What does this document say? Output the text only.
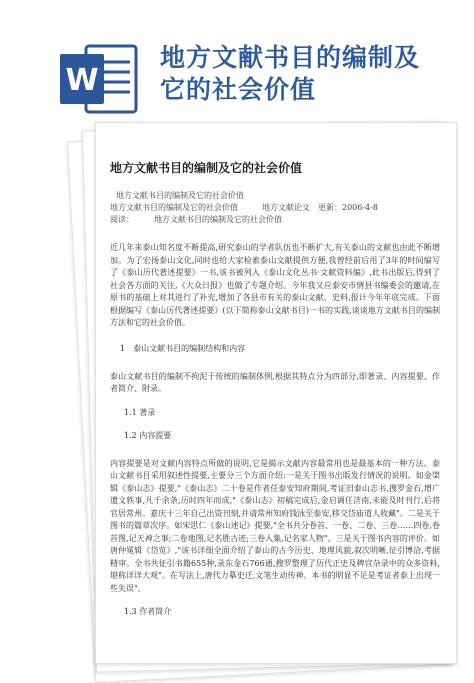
W
地方文献书目的编制及
它的社会价值
地方文献书目的编制及它的社会价值
地方文献书目的编制及它的社会价值
地方文献书目的编制及它的社会价值　　　地方文献论文　更新：2006-4-8
阅读：　　　地方文献书目的编制及它的社会价值

近几年来泰山知名度不断提高,研究泰山的学者队伍也不断扩大,有关泰山的文献也由此不断增加。为了宏扬泰山文化,同时也给大家检索泰山文献提供方便,我曾经前后用了3年的时间编写了《泰山历代著述提要》一书,该书被列入《泰山文化丛书·文献资料编》,此书出版后,得到了社会各方面的关注,《大众日报》也做了专题介绍。今年我又应泰安市情县书编委会的邀请,在原书的基础上对其进行了补充,增加了各县市有关的泰山文献、史料,报计今年年底完成。下面根据编写《泰山历代著述提要》(以下简称泰山文献书目)一书的实践,谈谈地方文献书目的编制方法和它的社会价值。

1　泰山文献书目的编制结构和内容

泰山文献书目的编制不拘泥于传统的编制体例,根据其特点分为四部分,即著录、内容提要、作者简介、附录。

1.1 著录
1.2 内容提要

内容提要是对文献内容特点所做的说明,它是揭示文献内容最常用也是最基本的一种方法。泰山文献书目采用叙述性提要,主要分三个方面介绍:一是关于图书出版发行情况的说明。如金棨辑《泰山志》提要,"《泰山志》二十卷是作者任泰安知府期间,考证旧泰山志书,搜罗金石,增广遗文轶事,凡千余条,历时四年而成,"《泰山志》初稿完成后,金启调任济南,未能及时刊行,后将官居常州。嘉庆十三年自己出资刊刻,并请常州知府钱泳至泰安,移交岱庙道人收藏"。二是关于图书的篇章次序。如宋思仁《泰山述记》提要,"全书共分卷首、一卷、二卷、三卷……四卷,卷首图,记天神之事;二卷地图,记名胜古迹;三卷入集,记名家人物"。三是关于图书内容的评价。如唐仲冕辑《岱览》,"该书详细全面介绍了泰山的古今历史、地理风貌,叙次明晰,征引博洽,考据精审。全书共征引书籍655种,录东金石766通,搜罗整理了历代正史及稗官杂录中的众多资料,堪称详详大观"。在写法上,唐代力摹史迁,文笔生动传神。本书的明显不足是考证者泰上出现一些失误"。

1.3 作者简介
